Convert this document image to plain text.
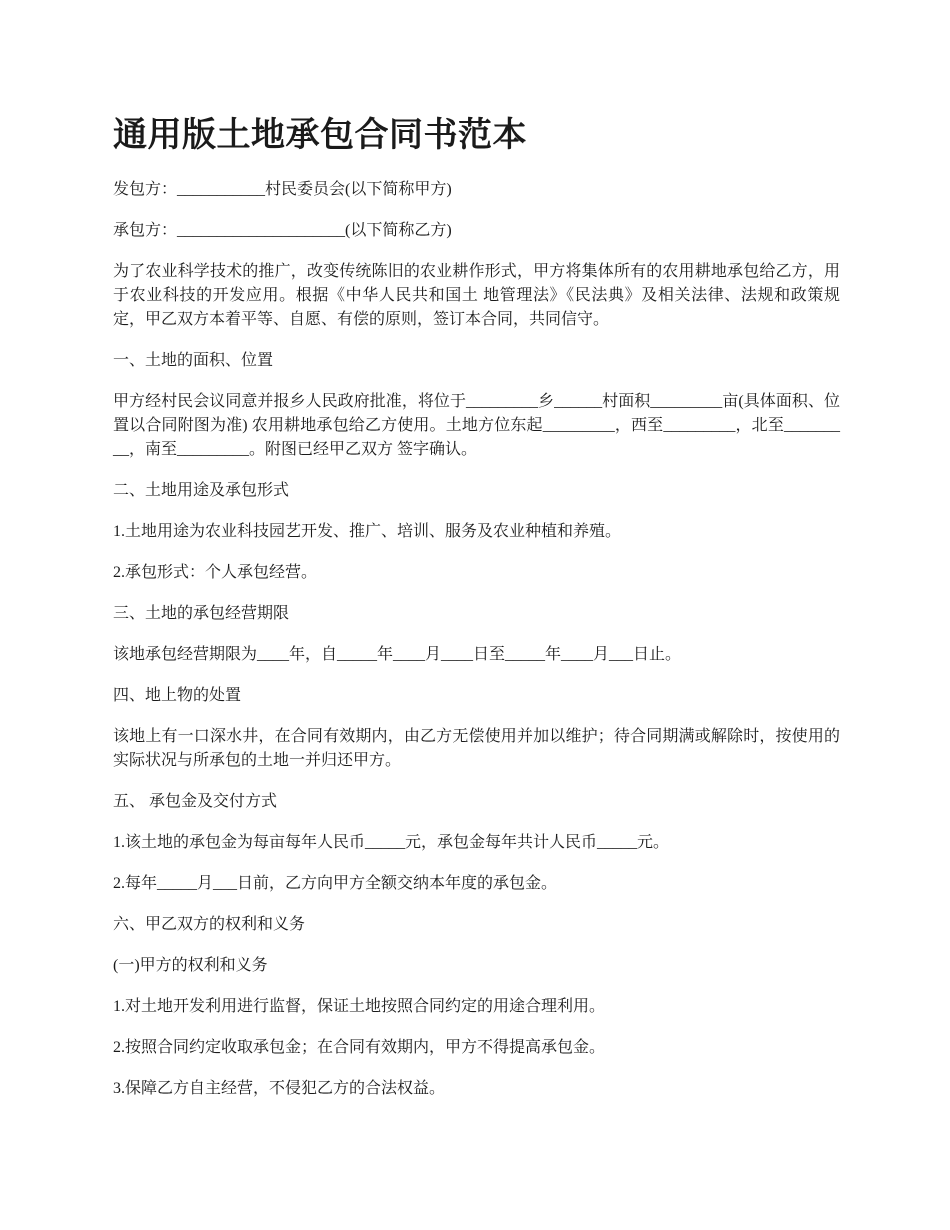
通用版土地承包合同书范本

发包方：___________村民委员会(以下简称甲方)

承包方：_____________________(以下简称乙方)

为了农业科学技术的推广，改变传统陈旧的农业耕作形式，甲方将集体所有的农用耕地承包给乙方，用于农业科技的开发应用。根据《中华人民共和国土 地管理法》《民法典》及相关法律、法规和政策规定，甲乙双方本着平等、自愿、有偿的原则，签订本合同，共同信守。

一、土地的面积、位置

甲方经村民会议同意并报乡人民政府批准，将位于_________乡______村面积_________亩(具体面积、位置以合同附图为准) 农用耕地承包给乙方使用。土地方位东起_________，西至_________，北至_________，南至_________。附图已经甲乙双方 签字确认。

二、土地用途及承包形式

1.土地用途为农业科技园艺开发、推广、培训、服务及农业种植和养殖。

2.承包形式：个人承包经营。

三、土地的承包经营期限

该地承包经营期限为____年，自_____年____月____日至_____年____月___日止。

四、地上物的处置

该地上有一口深水井，在合同有效期内，由乙方无偿使用并加以维护；待合同期满或解除时，按使用的实际状况与所承包的土地一并归还甲方。

五、 承包金及交付方式

1.该土地的承包金为每亩每年人民币_____元，承包金每年共计人民币_____元。

2.每年_____月___日前，乙方向甲方全额交纳本年度的承包金。

六、甲乙双方的权利和义务

(一)甲方的权利和义务

1.对土地开发利用进行监督，保证土地按照合同约定的用途合理利用。

2.按照合同约定收取承包金；在合同有效期内，甲方不得提高承包金。

3.保障乙方自主经营，不侵犯乙方的合法权益。
